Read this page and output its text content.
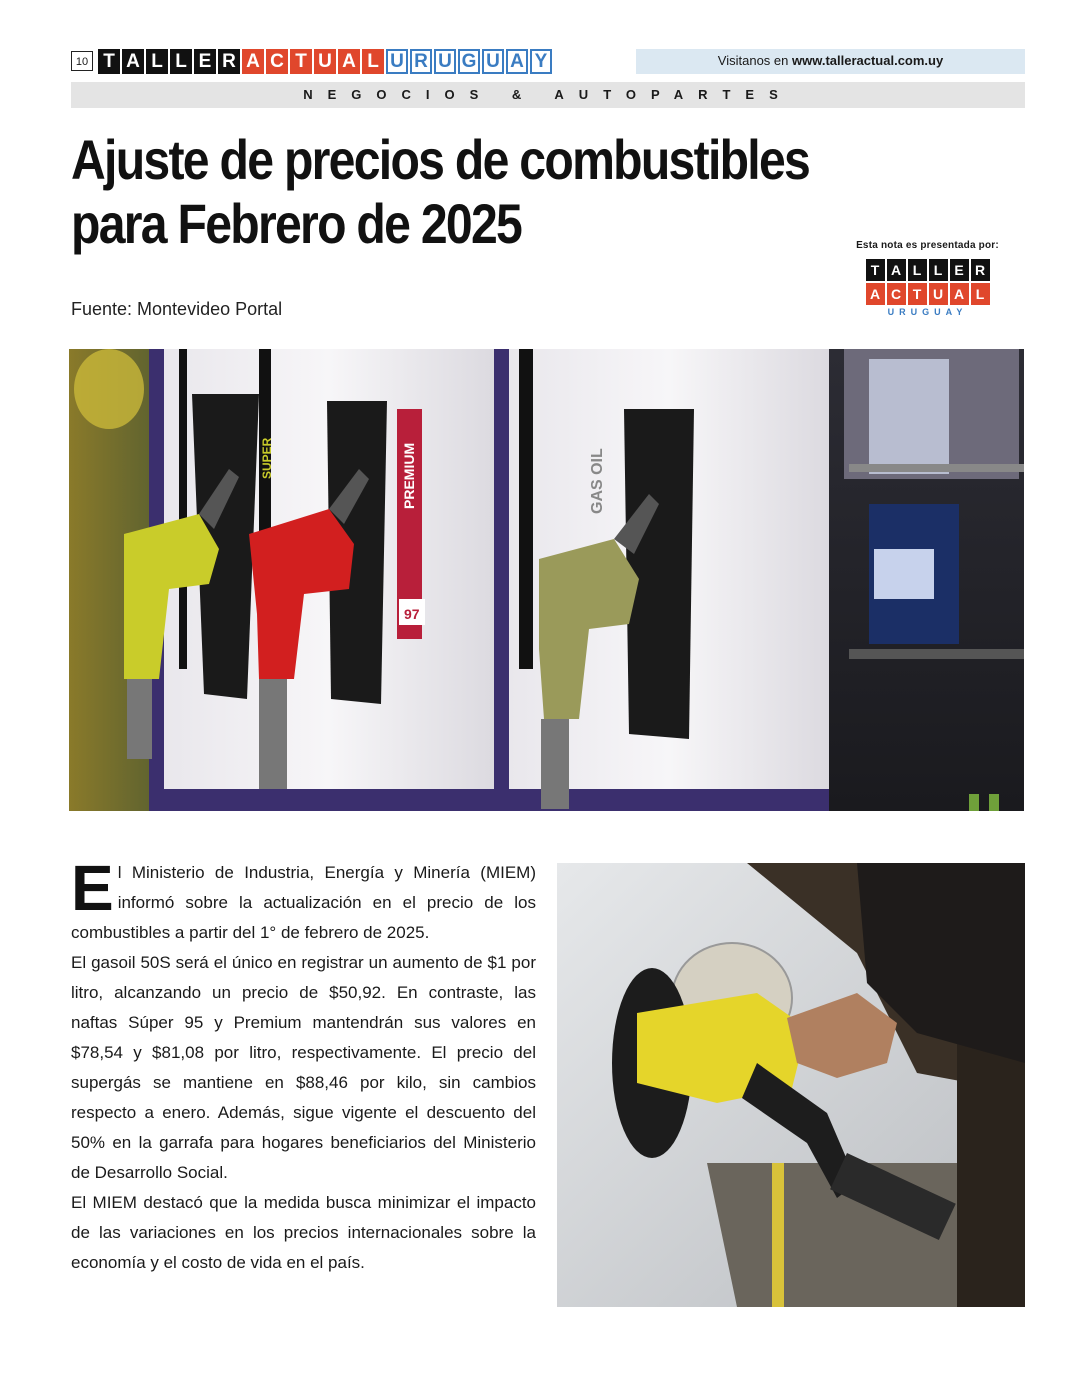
10 T A L L E R A C T U A L U R U G U A Y	Visitanos en www.talleractual.com.uy
NEGOCIOS & AUTOPARTES
Ajuste de precios de combustibles
para Febrero de 2025
Fuente: Montevideo Portal
Esta nota es presentada por:
T A L L E R
A C T U A L
URUGUAY
PREMIUM
97
GAS OIL
SUPER

El Ministerio de Industria, Energía y Minería (MIEM) informó sobre la actualización en el precio de los combustibles a partir del 1° de febrero de 2025.

El gasoil 50S será el único en registrar un aumento de $1 por litro, alcanzando un precio de $50,92. En contraste, las naftas Súper 95 y Premium mantendrán sus valores en $78,54 y $81,08 por litro, respectivamente. El precio del supergás se mantiene en $88,46 por kilo, sin cambios respecto a enero. Además, sigue vigente el descuento del 50% en la garrafa para hogares beneficiarios del Ministerio de Desarrollo Social.

El MIEM destacó que la medida busca minimizar el impacto de las variaciones en los precios internacionales sobre la economía y el costo de vida en el país.
